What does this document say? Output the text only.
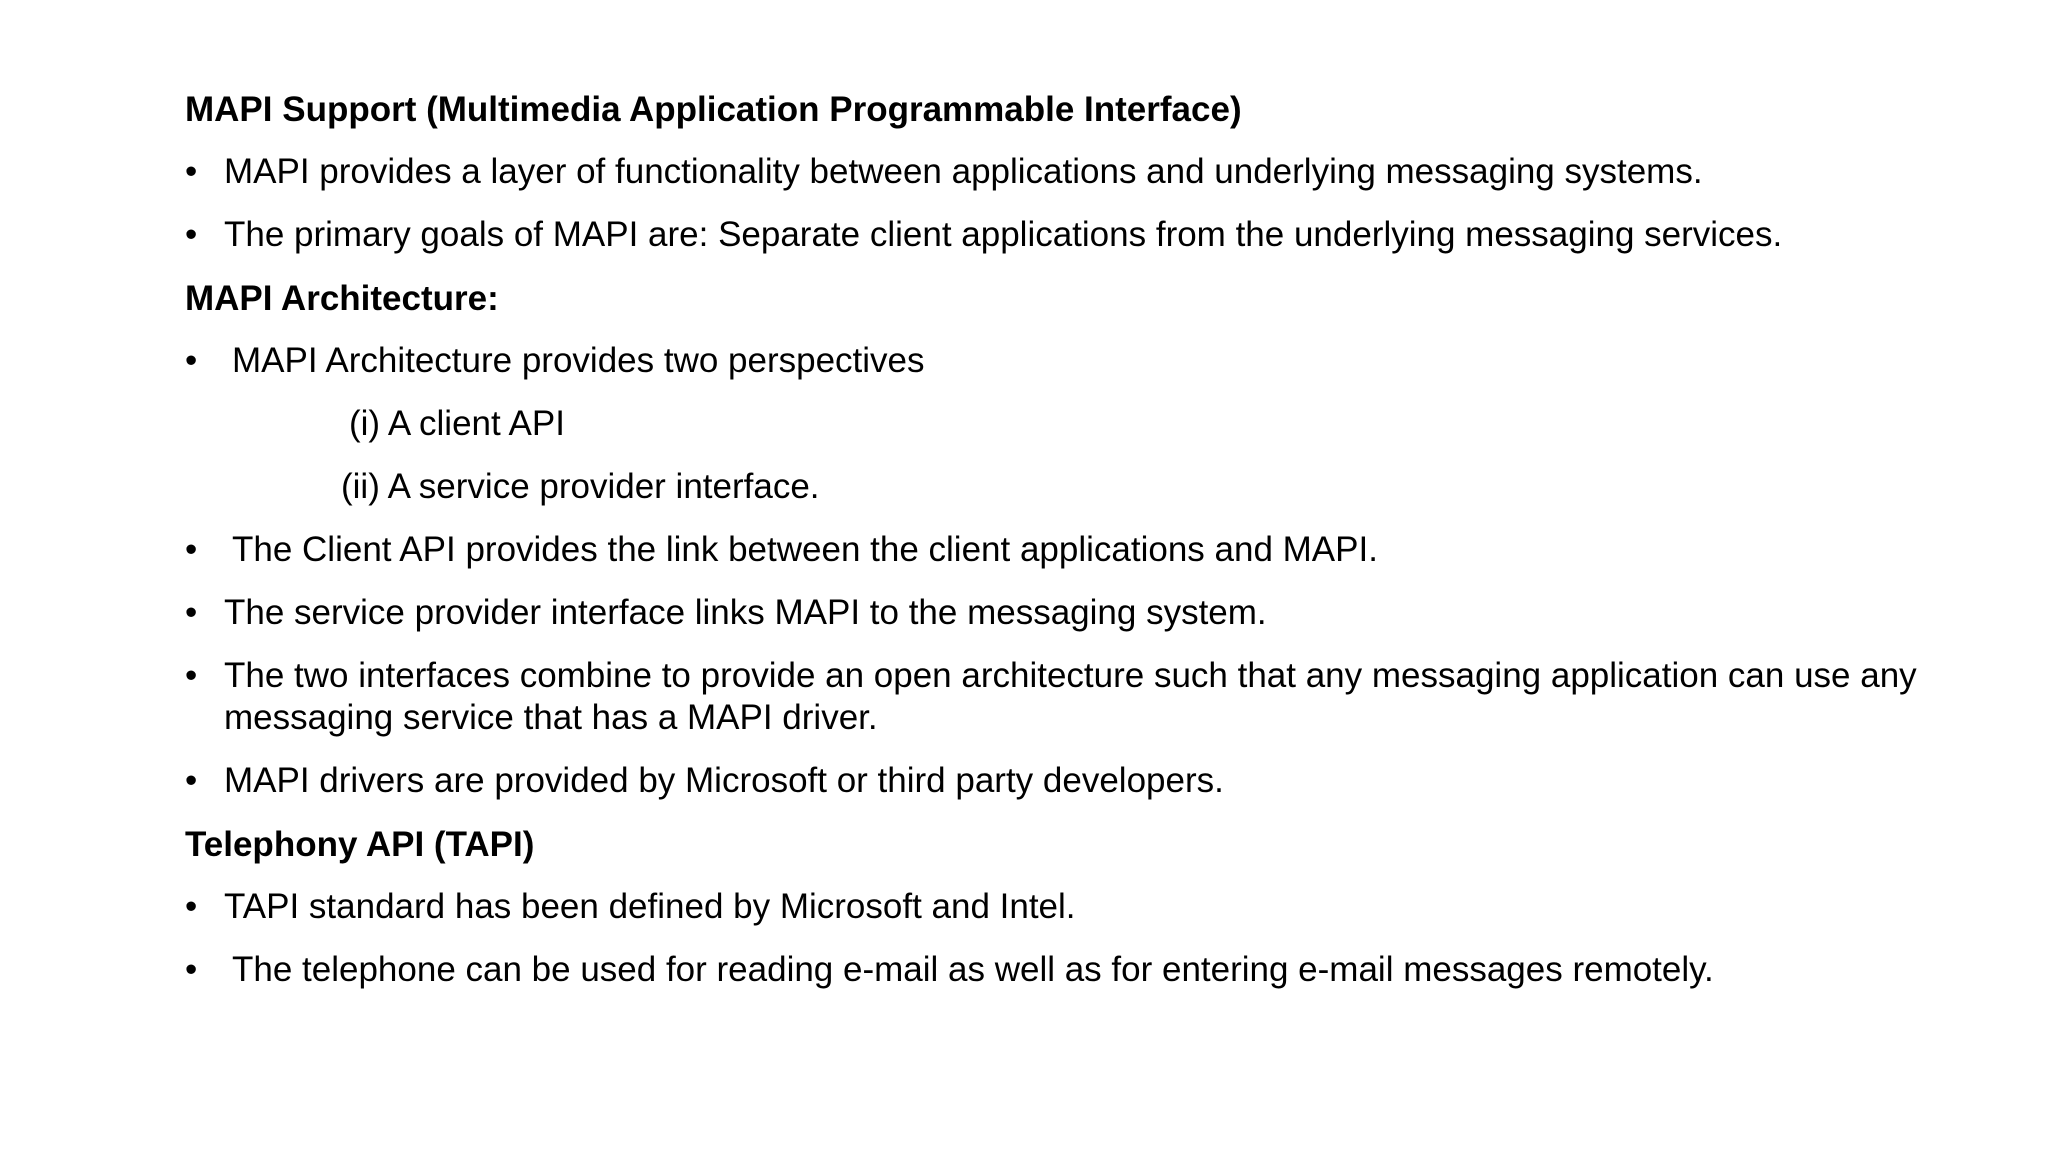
MAPI Support (Multimedia Application Programmable Interface)
• MAPI provides a layer of functionality between applications and underlying messaging systems.
• The primary goals of MAPI are: Separate client applications from the underlying messaging services.
MAPI Architecture:
• MAPI Architecture provides two perspectives
(i) A client API
(ii) A service provider interface.
• The Client API provides the link between the client applications and MAPI.
• The service provider interface links MAPI to the messaging system.
• The two interfaces combine to provide an open architecture such that any messaging application can use any messaging service that has a MAPI driver.
• MAPI drivers are provided by Microsoft or third party developers.
Telephony API (TAPI)
• TAPI standard has been defined by Microsoft and Intel.
• The telephone can be used for reading e-mail as well as for entering e-mail messages remotely.
